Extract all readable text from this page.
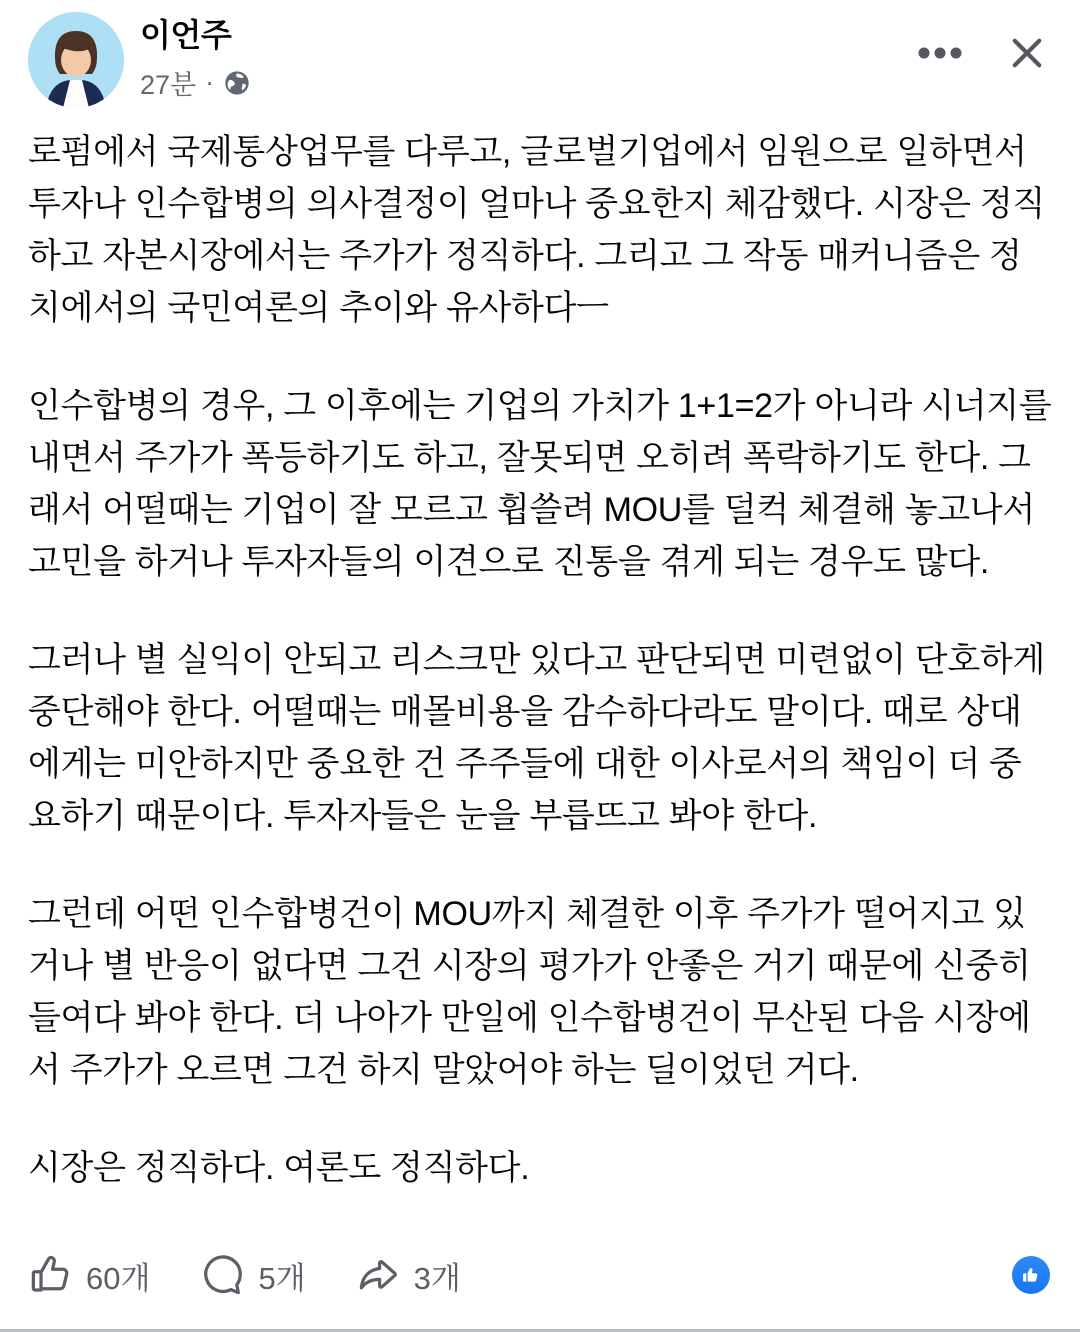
이언주
27분 ·

로펌에서 국제통상업무를 다루고, 글로벌기업에서 임원으로 일하면서 투자나 인수합병의 의사결정이 얼마나 중요한지 체감했다. 시장은 정직하고 자본시장에서는 주가가 정직하다. 그리고 그 작동 매커니즘은 정치에서의 국민여론의 추이와 유사하다ㅡ

인수합병의 경우, 그 이후에는 기업의 가치가 1+1=2가 아니라 시너지를 내면서 주가가 폭등하기도 하고, 잘못되면 오히려 폭락하기도 한다. 그래서 어떨때는 기업이 잘 모르고 휩쓸려 MOU를 덜컥 체결해 놓고나서 고민을 하거나 투자자들의 이견으로 진통을 겪게 되는 경우도 많다.

그러나 별 실익이 안되고 리스크만 있다고 판단되면 미련없이 단호하게 중단해야 한다. 어떨때는 매몰비용을 감수하다라도 말이다. 때로 상대에게는 미안하지만 중요한 건 주주들에 대한 이사로서의 책임이 더 중요하기 때문이다. 투자자들은 눈을 부릅뜨고 봐야 한다.

그런데 어떤 인수합병건이 MOU까지 체결한 이후 주가가 떨어지고 있거나 별 반응이 없다면 그건 시장의 평가가 안좋은 거기 때문에 신중히 들여다 봐야 한다. 더 나아가 만일에 인수합병건이 무산된 다음 시장에서 주가가 오르면 그건 하지 말았어야 하는 딜이었던 거다.

시장은 정직하다. 여론도 정직하다.

60개	5개	3개
